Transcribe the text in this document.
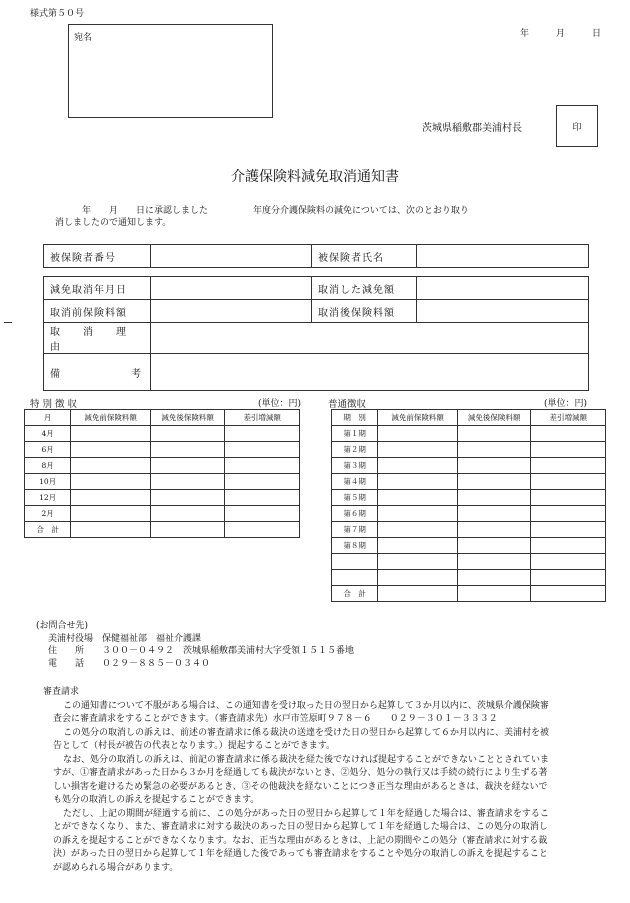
様式第５０号
宛名	年	月	日
茨城県稲敷郡美浦村長	印
介護保険料減免取消通知書
　　　年　　月　　日に承認しました　　　　　年度分介護保険料の減免については、次のとおり取り
消しましたので通知します。
被保険者番号		被保険者氏名	
減免取消年月日		取消した減免額	
取消前保険料額		取消後保険料額	
取　　消　　理　　由			

備 考			

特別徴収	(単位：円)
月	減免前保険料額	減免後保険料額	差引増減額
4月			
6月			
8月			
10月			
12月			
2月			
合　計			
普通徴収	(単位：円)
期　別	減免前保険料額	減免後保険料額	差引増減額
第１期			
第２期			
第３期			
第４期			
第５期			
第６期			
第７期			
第８期			

合　計			
(お問合せ先)
美浦村役場　保健福祉部　福祉介護課
住　　所　　 ３００－０４９２　茨城県稲敷郡美浦村大字受領１５１５番地
電　　話　　 ０２９－８８５－０３４０

審査請求

この通知書について不服がある場合は、この通知書を受け取った日の翌日から起算して３か月以内に、茨城県介護保険審

査会に審査請求をすることができます。（審査請求先）水戸市笠原町９７８－６　　０２９－３０１－３３３２

この処分の取消しの訴えは、前述の審査請求に係る裁決の送達を受けた日の翌日から起算して６か月以内に、美浦村を被

告として（村長が被告の代表となります。）提起することができます。

なお、処分の取消しの訴えは、前記の審査請求に係る裁決を経た後でなければ提起することができないこととされていま

すが、①審査請求があった日から３か月を経過しても裁決がないとき、②処分、処分の執行又は手続の続行により生ずる著

しい損害を避けるため緊急の必要があるとき、③その他裁決を経ないことにつき正当な理由があるときは、裁決を経ないで

も処分の取消しの訴えを提起することができます。

ただし、上記の期間が経過する前に、この処分があった日の翌日から起算して１年を経過した場合は、審査請求をするこ

とができなくなり、また、審査請求に対する裁決のあった日の翌日から起算して１年を経過した場合は、この処分の取消し

の訴えを提起することができなくなります。なお、正当な理由があるときは、上記の期間やこの処分（審査請求に対する裁

決）があった日の翌日から起算して１年を経過した後であっても審査請求をすることや処分の取消しの訴えを提起すること

が認められる場合があります。
